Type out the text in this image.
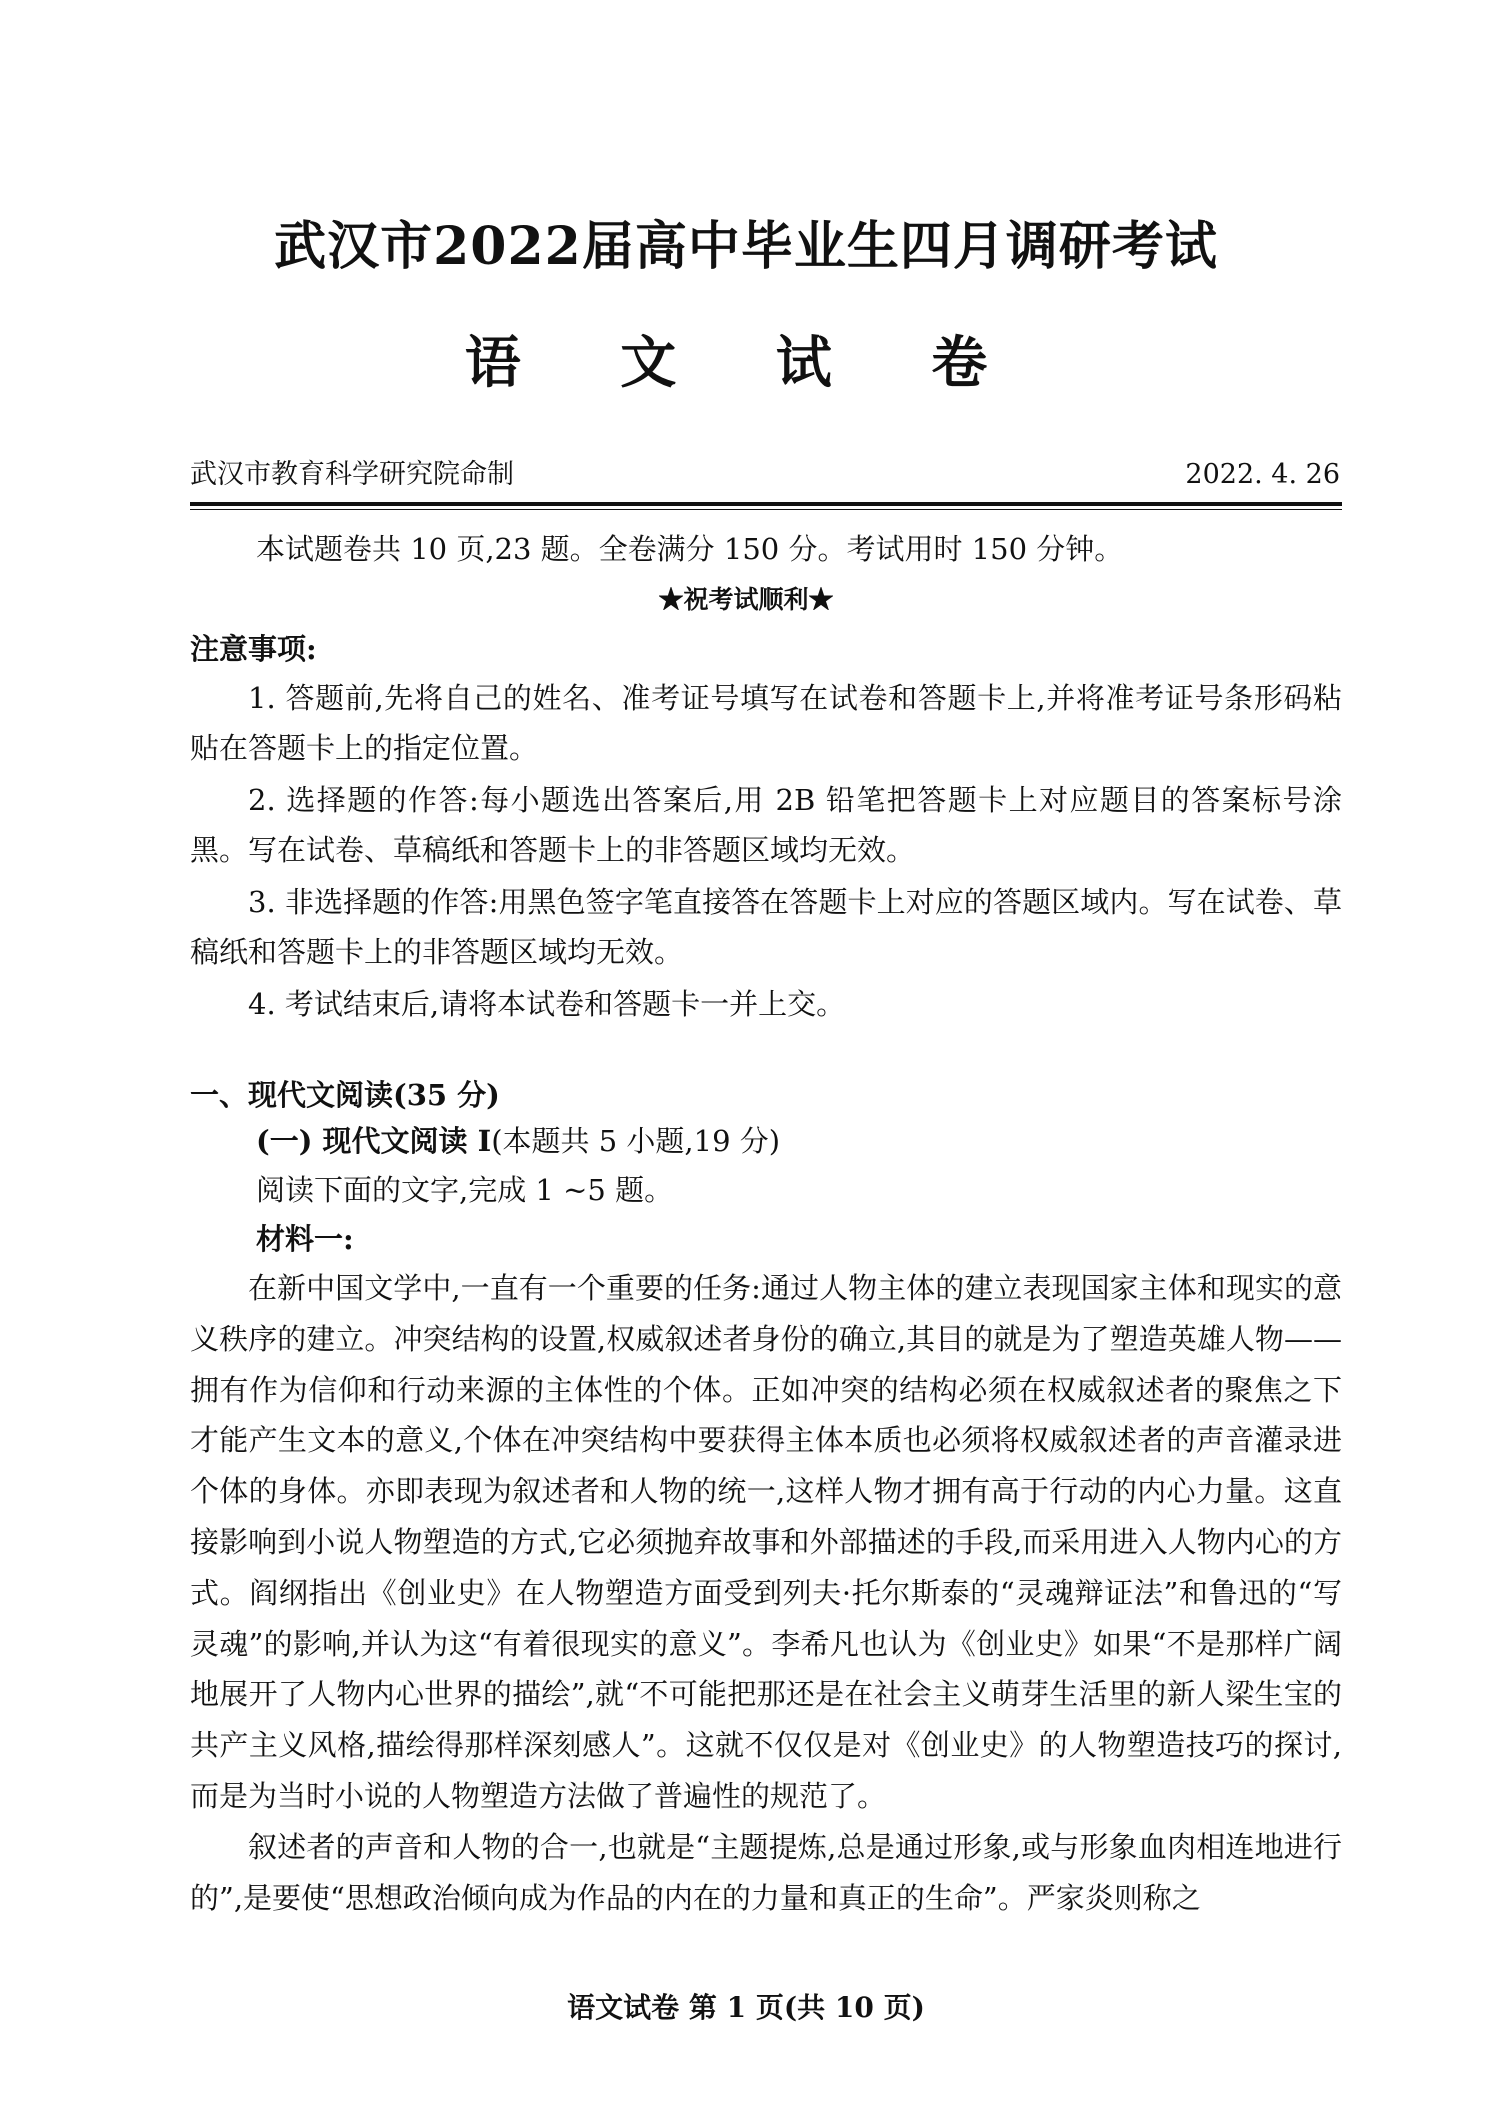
武汉市2022届高中毕业生四月调研考试
语 文 试 卷
武汉市教育科学研究院命制	2022. 4. 26
本试题卷共 10 页,23 题。全卷满分 150 分。考试用时 150 分钟。
★祝考试顺利★
注意事项:
1. 答题前,先将自己的姓名、准考证号填写在试卷和答题卡上,并将准考证号条形码粘贴在答题卡上的指定位置。
2. 选择题的作答:每小题选出答案后,用 2B 铅笔把答题卡上对应题目的答案标号涂黑。写在试卷、草稿纸和答题卡上的非答题区域均无效。
3. 非选择题的作答:用黑色签字笔直接答在答题卡上对应的答题区域内。写在试卷、草稿纸和答题卡上的非答题区域均无效。
4. 考试结束后,请将本试卷和答题卡一并上交。
一、现代文阅读(35 分)
(一) 现代文阅读 I(本题共 5 小题,19 分)
阅读下面的文字,完成 1 ~5 题。
材料一:

在新中国文学中,一直有一个重要的任务:通过人物主体的建立表现国家主体和现实的意义秩序的建立。冲突结构的设置,权威叙述者身份的确立,其目的就是为了塑造英雄人物——拥有作为信仰和行动来源的主体性的个体。正如冲突的结构必须在权威叙述者的聚焦之下才能产生文本的意义,个体在冲突结构中要获得主体本质也必须将权威叙述者的声音灌录进个体的身体。亦即表现为叙述者和人物的统一,这样人物才拥有高于行动的内心力量。这直接影响到小说人物塑造的方式,它必须抛弃故事和外部描述的手段,而采用进入人物内心的方式。阎纲指出《创业史》在人物塑造方面受到列夫·托尔斯泰的“灵魂辩证法”和鲁迅的“写灵魂”的影响,并认为这“有着很现实的意义”。李希凡也认为《创业史》如果“不是那样广阔地展开了人物内心世界的描绘”,就“不可能把那还是在社会主义萌芽生活里的新人梁生宝的共产主义风格,描绘得那样深刻感人”。这就不仅仅是对《创业史》的人物塑造技巧的探讨,而是为当时小说的人物塑造方法做了普遍性的规范了。

叙述者的声音和人物的合一,也就是“主题提炼,总是通过形象,或与形象血肉相连地进行的”,是要使“思想政治倾向成为作品的内在的力量和真正的生命”。严家炎则称之

语文试卷 第 1 页(共 10 页)
